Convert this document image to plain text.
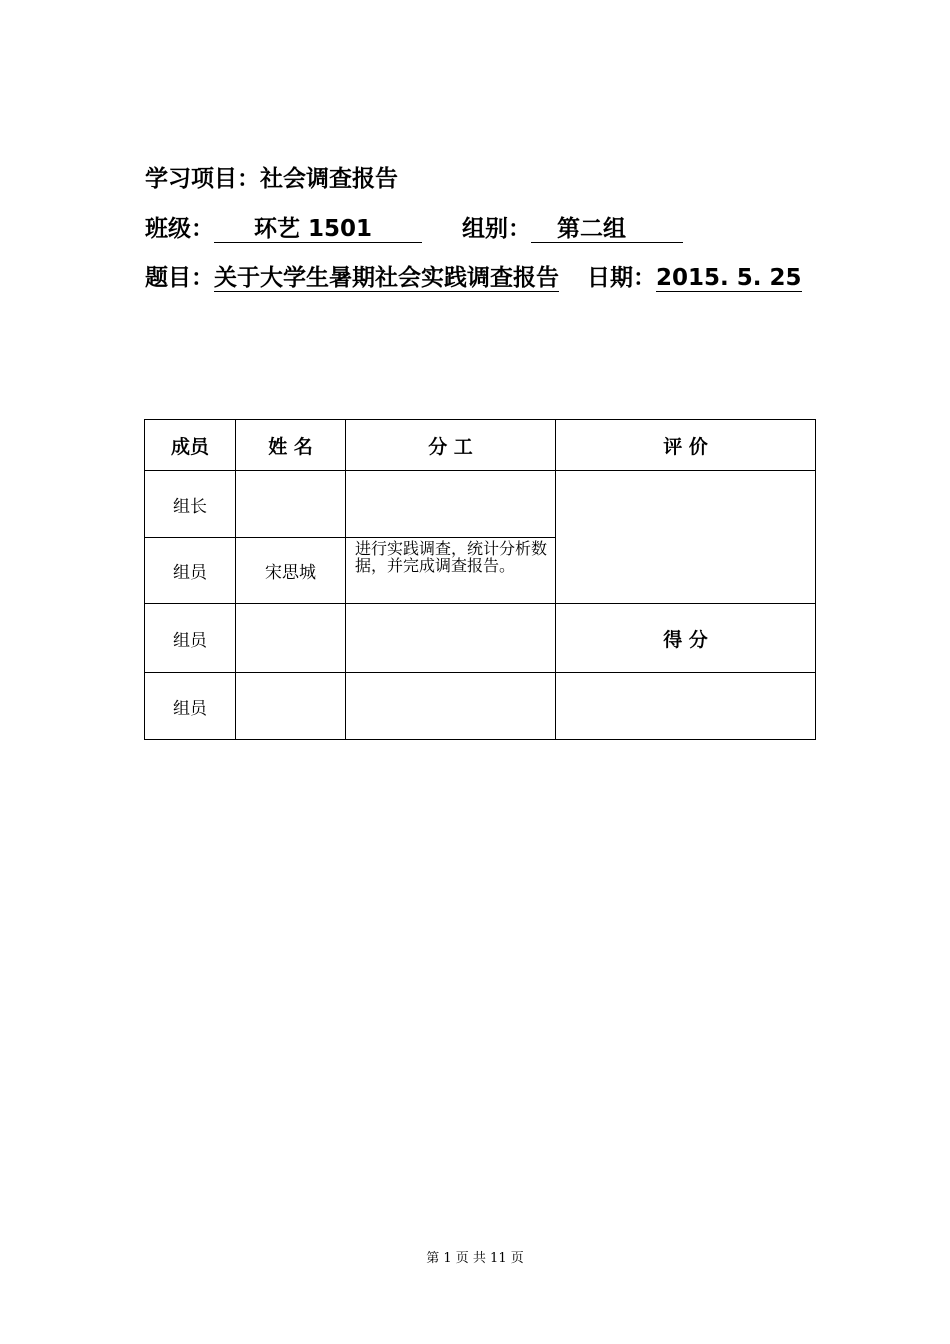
学习项目：社会调查报告
班级： 环艺 1501	组别： 第二组
题目：关于大学生暑期社会实践调查报告 日期：2015. 5. 25
成员	姓 名	分 工	评 价
组长			
组员	宋思城	进行实践调查，统计分析数据，并完成调查报告。	
组员			得 分
组员			
第 1 页 共 11 页
